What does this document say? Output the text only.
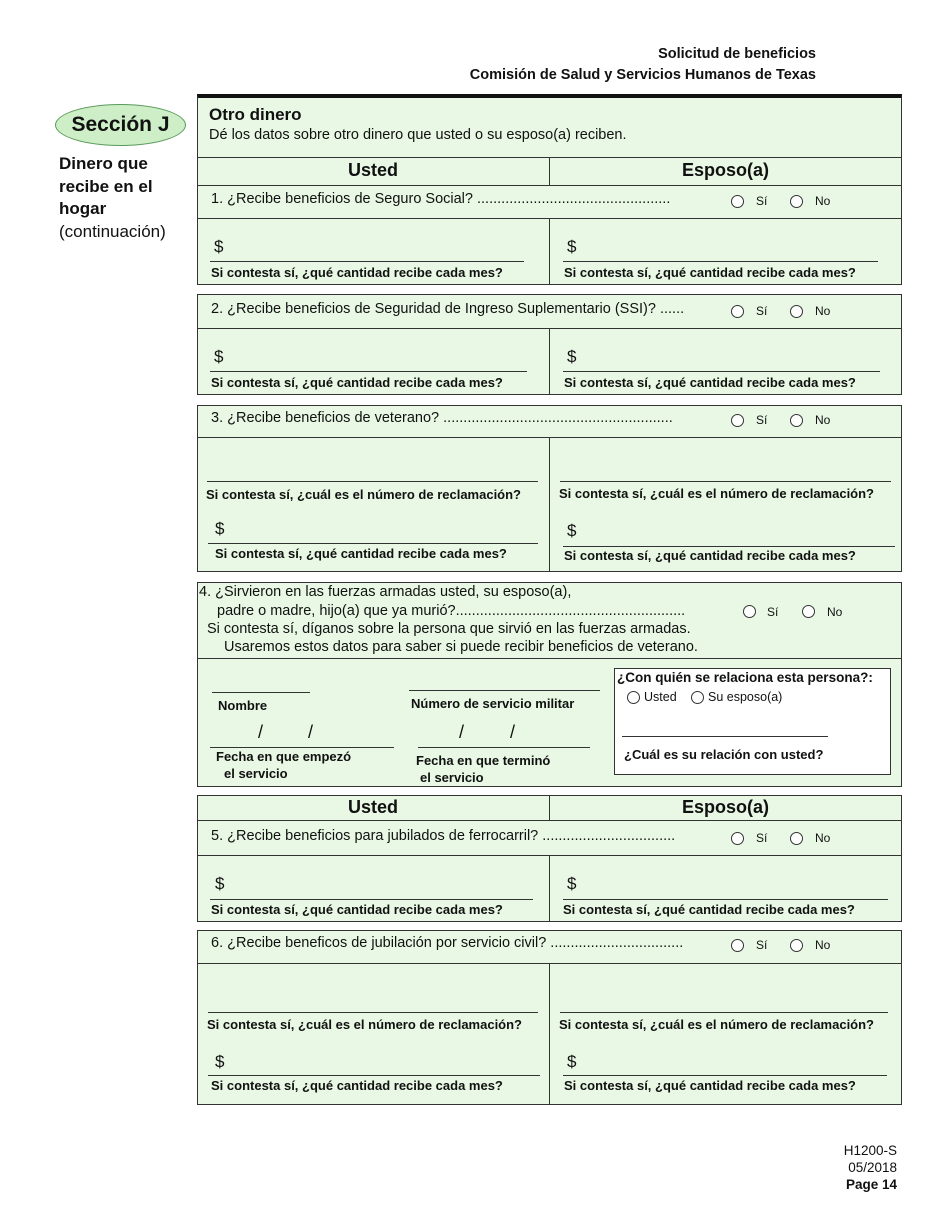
Solicitud de beneficios
Comisión de Salud y Servicios Humanos de Texas
Sección J
Dinero que
recibe en el
hogar
(continuación)
Otro dinero
Dé los datos sobre otro dinero que usted o su esposo(a) reciben.
Usted	Esposo(a)
1. ¿Recibe beneficios de Seguro Social? ................................................	Sí	No
$
Si contesta sí, ¿qué cantidad recibe cada mes?
$
Si contesta sí, ¿qué cantidad recibe cada mes?
2. ¿Recibe beneficios de Seguridad de Ingreso Suplementario (SSI)? ......	Sí	No
$
Si contesta sí, ¿qué cantidad recibe cada mes?
$
Si contesta sí, ¿qué cantidad recibe cada mes?
3. ¿Recibe beneficios de veterano? .........................................................	Sí	No
Si contesta sí, ¿cuál es el número de reclamación?
$
Si contesta sí, ¿qué cantidad recibe cada mes?
Si contesta sí, ¿cuál es el número de reclamación?
$
Si contesta sí, ¿qué cantidad recibe cada mes?
4. ¿Sirvieron en las fuerzas armadas usted, su esposo(a),
padre o madre, hijo(a) que ya murió?.........................................................	Sí	No
Si contesta sí, díganos sobre la persona que sirvió en las fuerzas armadas.
Usaremos estos datos para saber si puede recibir beneficios de veterano.
Nombre	Número de servicio militar
/ /
Fecha en que empezó
el servicio
/	/
Fecha en que terminó
el servicio
¿Con quién se relaciona esta persona?:
Usted	Su esposo(a)
¿Cuál es su relación con usted?
Usted	Esposo(a)
5. ¿Recibe beneficios para jubilados de ferrocarril? .................................	Sí	No
$
Si contesta sí, ¿qué cantidad recibe cada mes?
$
Si contesta sí, ¿qué cantidad recibe cada mes?
6. ¿Recibe beneficos de jubilación por servicio civil? .................................	Sí	No
Si contesta sí, ¿cuál es el número de reclamación?
$
Si contesta sí, ¿qué cantidad recibe cada mes?
Si contesta sí, ¿cuál es el número de reclamación?
$
Si contesta sí, ¿qué cantidad recibe cada mes?
H1200-S
05/2018
Page 14
